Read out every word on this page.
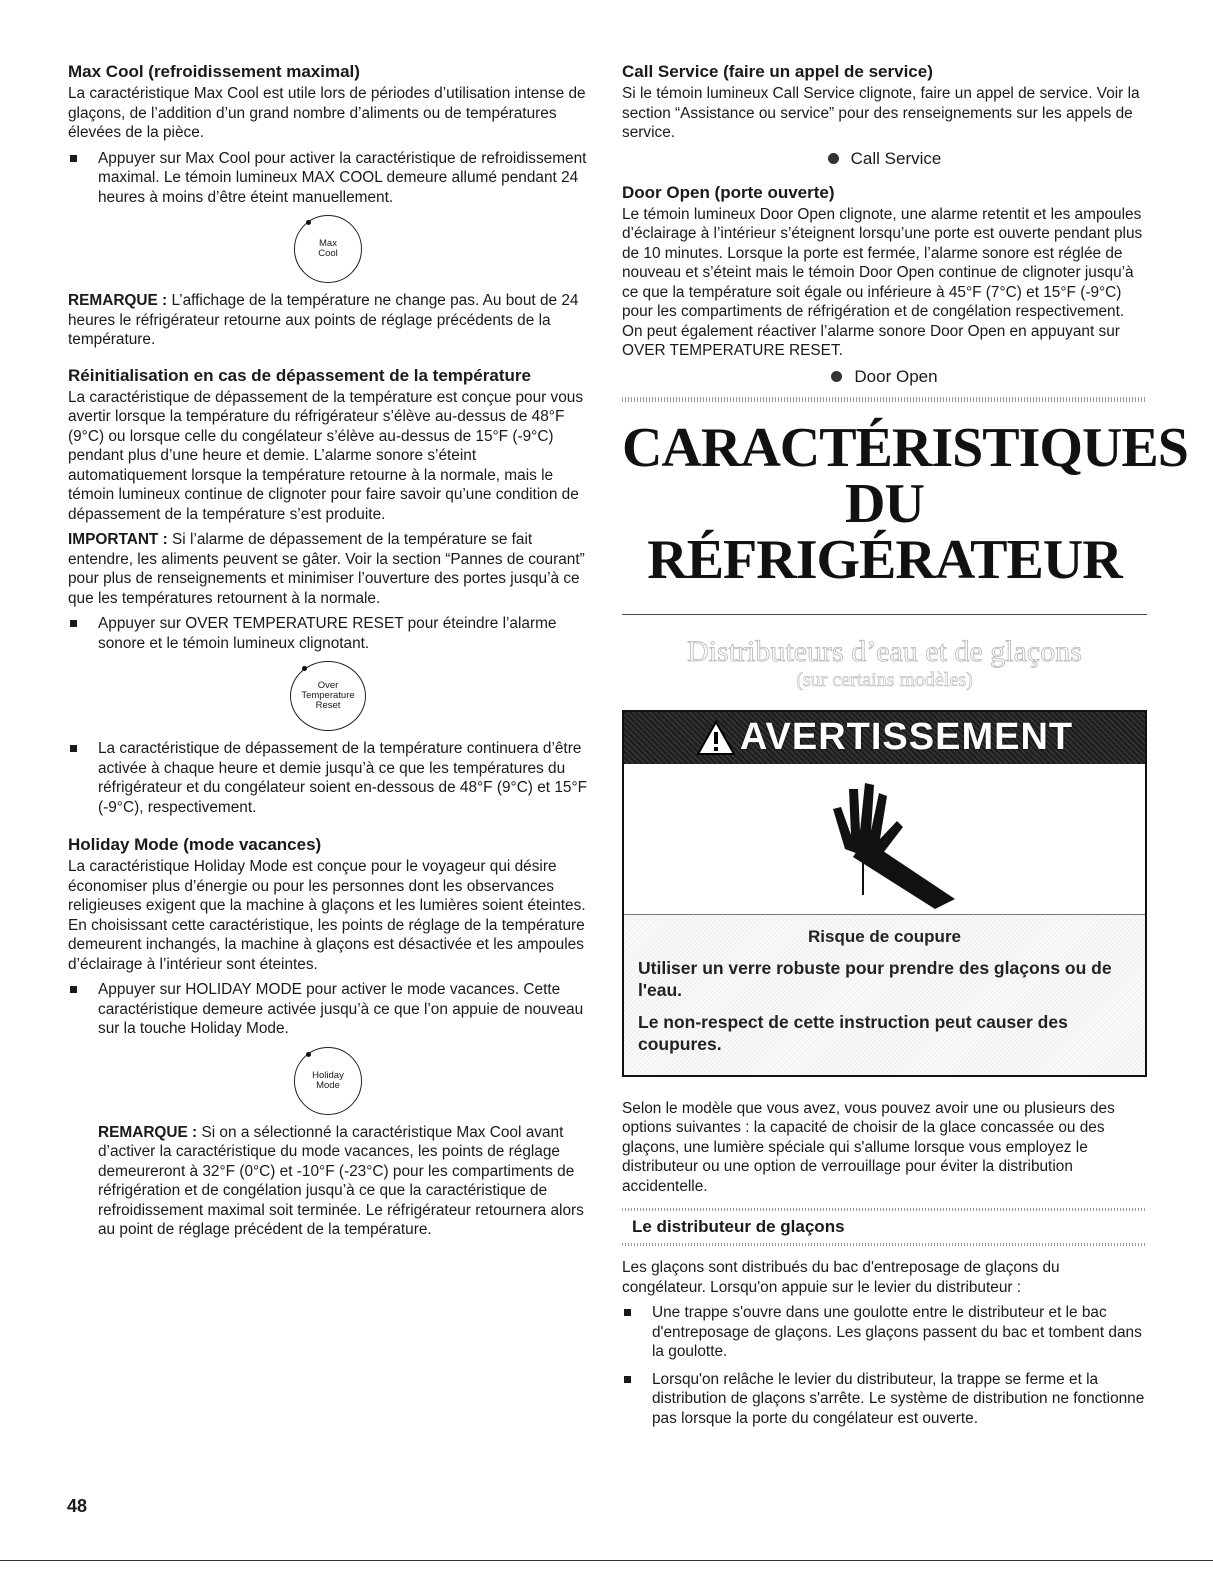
Max Cool (refroidissement maximal)

La caractéristique Max Cool est utile lors de périodes d’utilisation intense de glaçons, de l’addition d’un grand nombre d’aliments ou de températures élevées de la pièce.

Appuyer sur Max Cool pour activer la caractéristique de refroidissement maximal. Le témoin lumineux MAX COOL demeure allumé pendant 24 heures à moins d’être éteint manuellement.
Max
Cool

REMARQUE : L’affichage de la température ne change pas. Au bout de 24 heures le réfrigérateur retourne aux points de réglage précédents de la température.

Réinitialisation en cas de dépassement de la température

La caractéristique de dépassement de la température est conçue pour vous avertir lorsque la température du réfrigérateur s’élève au-dessus de 48°F (9°C) ou lorsque celle du congélateur s’élève au-dessus de 15°F (-9°C) pendant plus d’une heure et demie. L’alarme sonore s’éteint automatiquement lorsque la température retourne à la normale, mais le témoin lumineux continue de clignoter pour faire savoir qu’une condition de dépassement de la température s’est produite.

IMPORTANT : Si l’alarme de dépassement de la température se fait entendre, les aliments peuvent se gâter. Voir la section “Pannes de courant” pour plus de renseignements et minimiser l’ouverture des portes jusqu’à ce que les températures retournent à la normale.

Appuyer sur OVER TEMPERATURE RESET pour éteindre l’alarme sonore et le témoin lumineux clignotant.
Over
Temperature
Reset
La caractéristique de dépassement de la température continuera d’être activée à chaque heure et demie jusqu’à ce que les températures du réfrigérateur et du congélateur soient en-dessous de 48°F (9°C) et 15°F (-9°C), respectivement.
Holiday Mode (mode vacances)

La caractéristique Holiday Mode est conçue pour le voyageur qui désire économiser plus d’énergie ou pour les personnes dont les observances religieuses exigent que la machine à glaçons et les lumières soient éteintes. En choisissant cette caractéristique, les points de réglage de la température demeurent inchangés, la machine à glaçons est désactivée et les ampoules d’éclairage à l’intérieur sont éteintes.

Appuyer sur HOLIDAY MODE pour activer le mode vacances. Cette caractéristique demeure activée jusqu’à ce que l’on appuie de nouveau sur la touche Holiday Mode.
Holiday
Mode

REMARQUE : Si on a sélectionné la caractéristique Max Cool avant d’activer la caractéristique du mode vacances, les points de réglage demeureront à 32°F (0°C) et -10°F (-23°C) pour les compartiments de réfrigération et de congélation jusqu’à ce que la caractéristique de refroidissement maximal soit terminée. Le réfrigérateur retournera alors au point de réglage précédent de la température.

Call Service (faire un appel de service)

Si le témoin lumineux Call Service clignote, faire un appel de service. Voir la section “Assistance ou service” pour des renseignements sur les appels de service.

Call Service
Door Open (porte ouverte)

Le témoin lumineux Door Open clignote, une alarme retentit et les ampoules d’éclairage à l’intérieur s’éteignent lorsqu’une porte est ouverte pendant plus de 10 minutes. Lorsque la porte est fermée, l’alarme sonore est réglée de nouveau et s’éteint mais le témoin Door Open continue de clignoter jusqu’à ce que la température soit égale ou inférieure à 45°F (7°C) et 15°F (-9°C) pour les compartiments de réfrigération et de congélation respectivement. On peut également réactiver l’alarme sonore Door Open en appuyant sur OVER TEMPERATURE RESET.

Door Open
CARACTÉRISTIQUES
DU RÉFRIGÉRATEUR
Distributeurs d’eau et de glaçons
(sur certains modèles)
AVERTISSEMENT
Risque de coupure
Utiliser un verre robuste pour prendre des glaçons ou de l'eau.
Le non-respect de cette instruction peut causer des coupures.

Selon le modèle que vous avez, vous pouvez avoir une ou plusieurs des options suivantes : la capacité de choisir de la glace concassée ou des glaçons, une lumière spéciale qui s'allume lorsque vous employez le distributeur ou une option de verrouillage pour éviter la distribution accidentelle.

Le distributeur de glaçons

Les glaçons sont distribués du bac d'entreposage de glaçons du congélateur. Lorsqu'on appuie sur le levier du distributeur :

Une trappe s'ouvre dans une goulotte entre le distributeur et le bac d'entreposage de glaçons. Les glaçons passent du bac et tombent dans la goulotte.
Lorsqu'on relâche le levier du distributeur, la trappe se ferme et la distribution de glaçons s'arrête. Le système de distribution ne fonctionne pas lorsque la porte du congélateur est ouverte.
48
